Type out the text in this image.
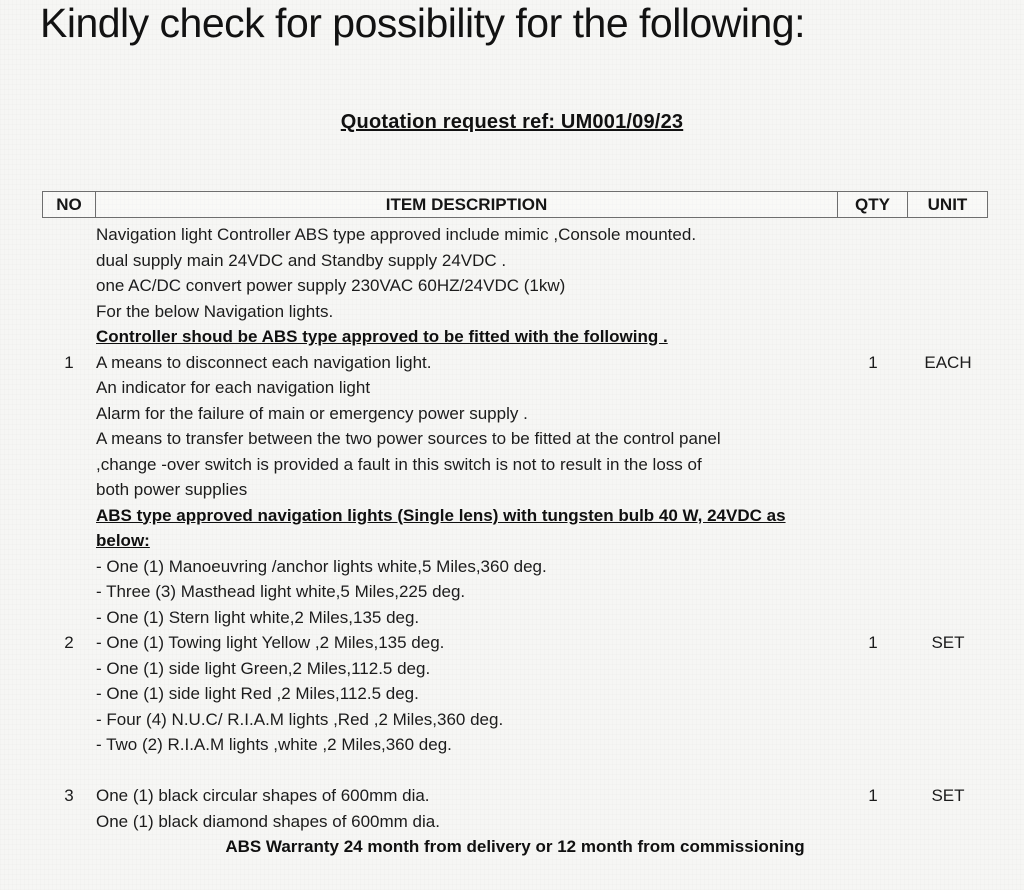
Kindly check for possibility for the following:
Quotation request ref: UM001/09/23
NO	ITEM DESCRIPTION	QTY	UNIT
1
Navigation light Controller ABS type approved include mimic ,Console mounted.
dual supply main 24VDC and Standby supply 24VDC .
one AC/DC convert power supply 230VAC 60HZ/24VDC (1kw)
For the below Navigation lights.
Controller shoud be ABS type approved to be fitted with the following .
A means to disconnect each navigation light.
An indicator for each navigation light
Alarm for the failure of main or emergency power supply .
A means to transfer between the two power sources to be fitted at the control panel
,change -over switch is provided a fault in this switch is not to result in the loss of
both power supplies
1	EACH
2
ABS type approved navigation lights (Single lens) with tungsten bulb 40 W, 24VDC as
below:
- One (1) Manoeuvring /anchor lights white,5 Miles,360 deg.
- Three (3) Masthead light white,5 Miles,225 deg.
- One (1) Stern light white,2 Miles,135 deg.
- One (1) Towing light Yellow ,2 Miles,135 deg.
- One (1) side light Green,2 Miles,112.5 deg.
- One (1) side light Red ,2 Miles,112.5 deg.
- Four (4) N.U.C/ R.I.A.M lights ,Red ,2 Miles,360 deg.
- Two (2) R.I.A.M lights ,white ,2 Miles,360 deg.
1	SET
3	One (1) black circular shapes of 600mm dia.
One (1) black diamond shapes of 600mm dia.
1	SET
ABS Warranty 24 month from delivery or 12 month from commissioning
